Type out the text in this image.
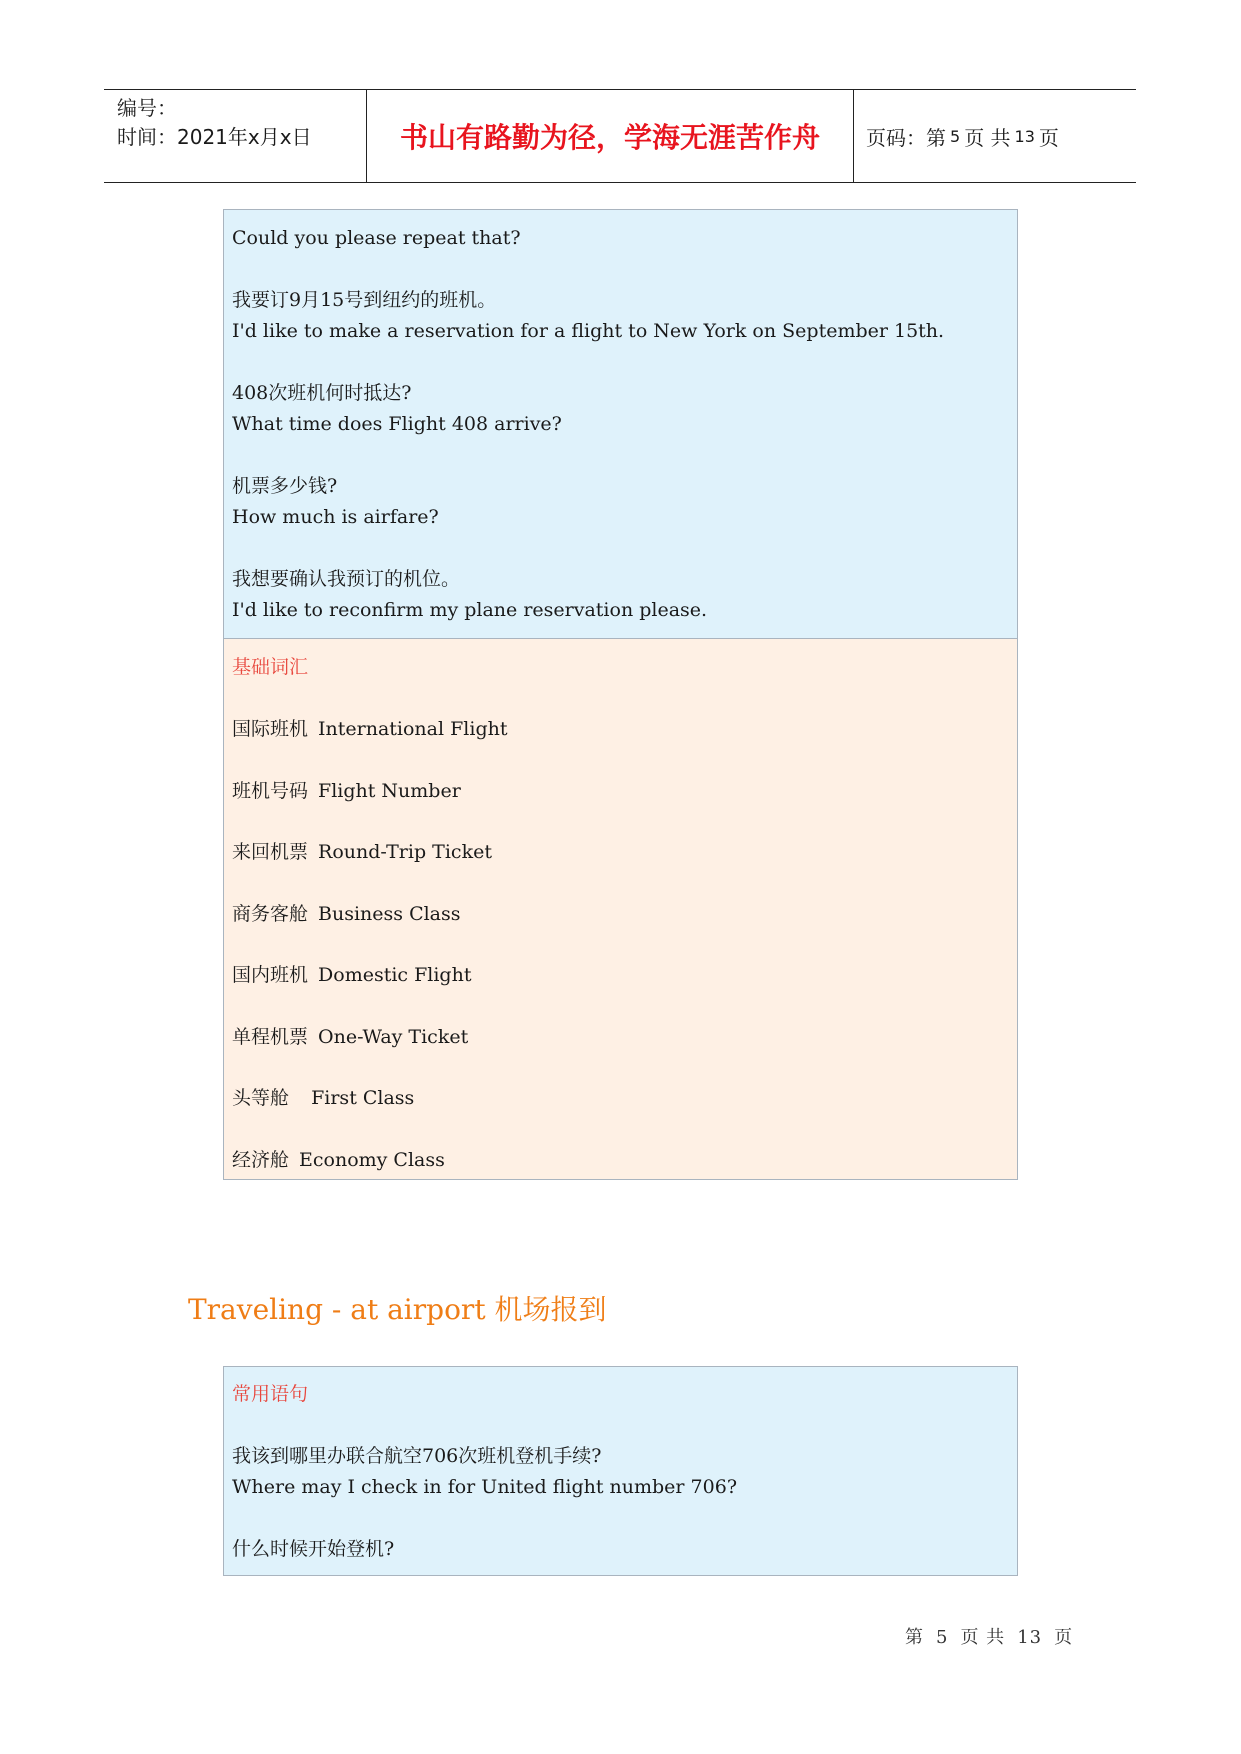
编号：
时间：2021年x月x日	书山有路勤为径，学海无涯苦作舟	页码：第 5 页 共 13 页
Could you please repeat that?
我要订9月15号到纽约的班机。
I'd like to make a reservation for a flight to New York on September 15th.
408次班机何时抵达?
What time does Flight 408 arrive?
机票多少钱?
How much is airfare?
我想要确认我预订的机位。
I'd like to reconfirm my plane reservation please.
基础词汇
国际班机 International Flight
班机号码 Flight Number
来回机票 Round-Trip Ticket
商务客舱 Business Class
国内班机 Domestic Flight
单程机票 One-Way Ticket
头等舱  First Class
经济舱 Economy Class
Traveling - at airport 机场报到
常用语句
我该到哪里办联合航空706次班机登机手续?
Where may I check in for United flight number 706?
什么时候开始登机?
第 5 页 共 13 页
